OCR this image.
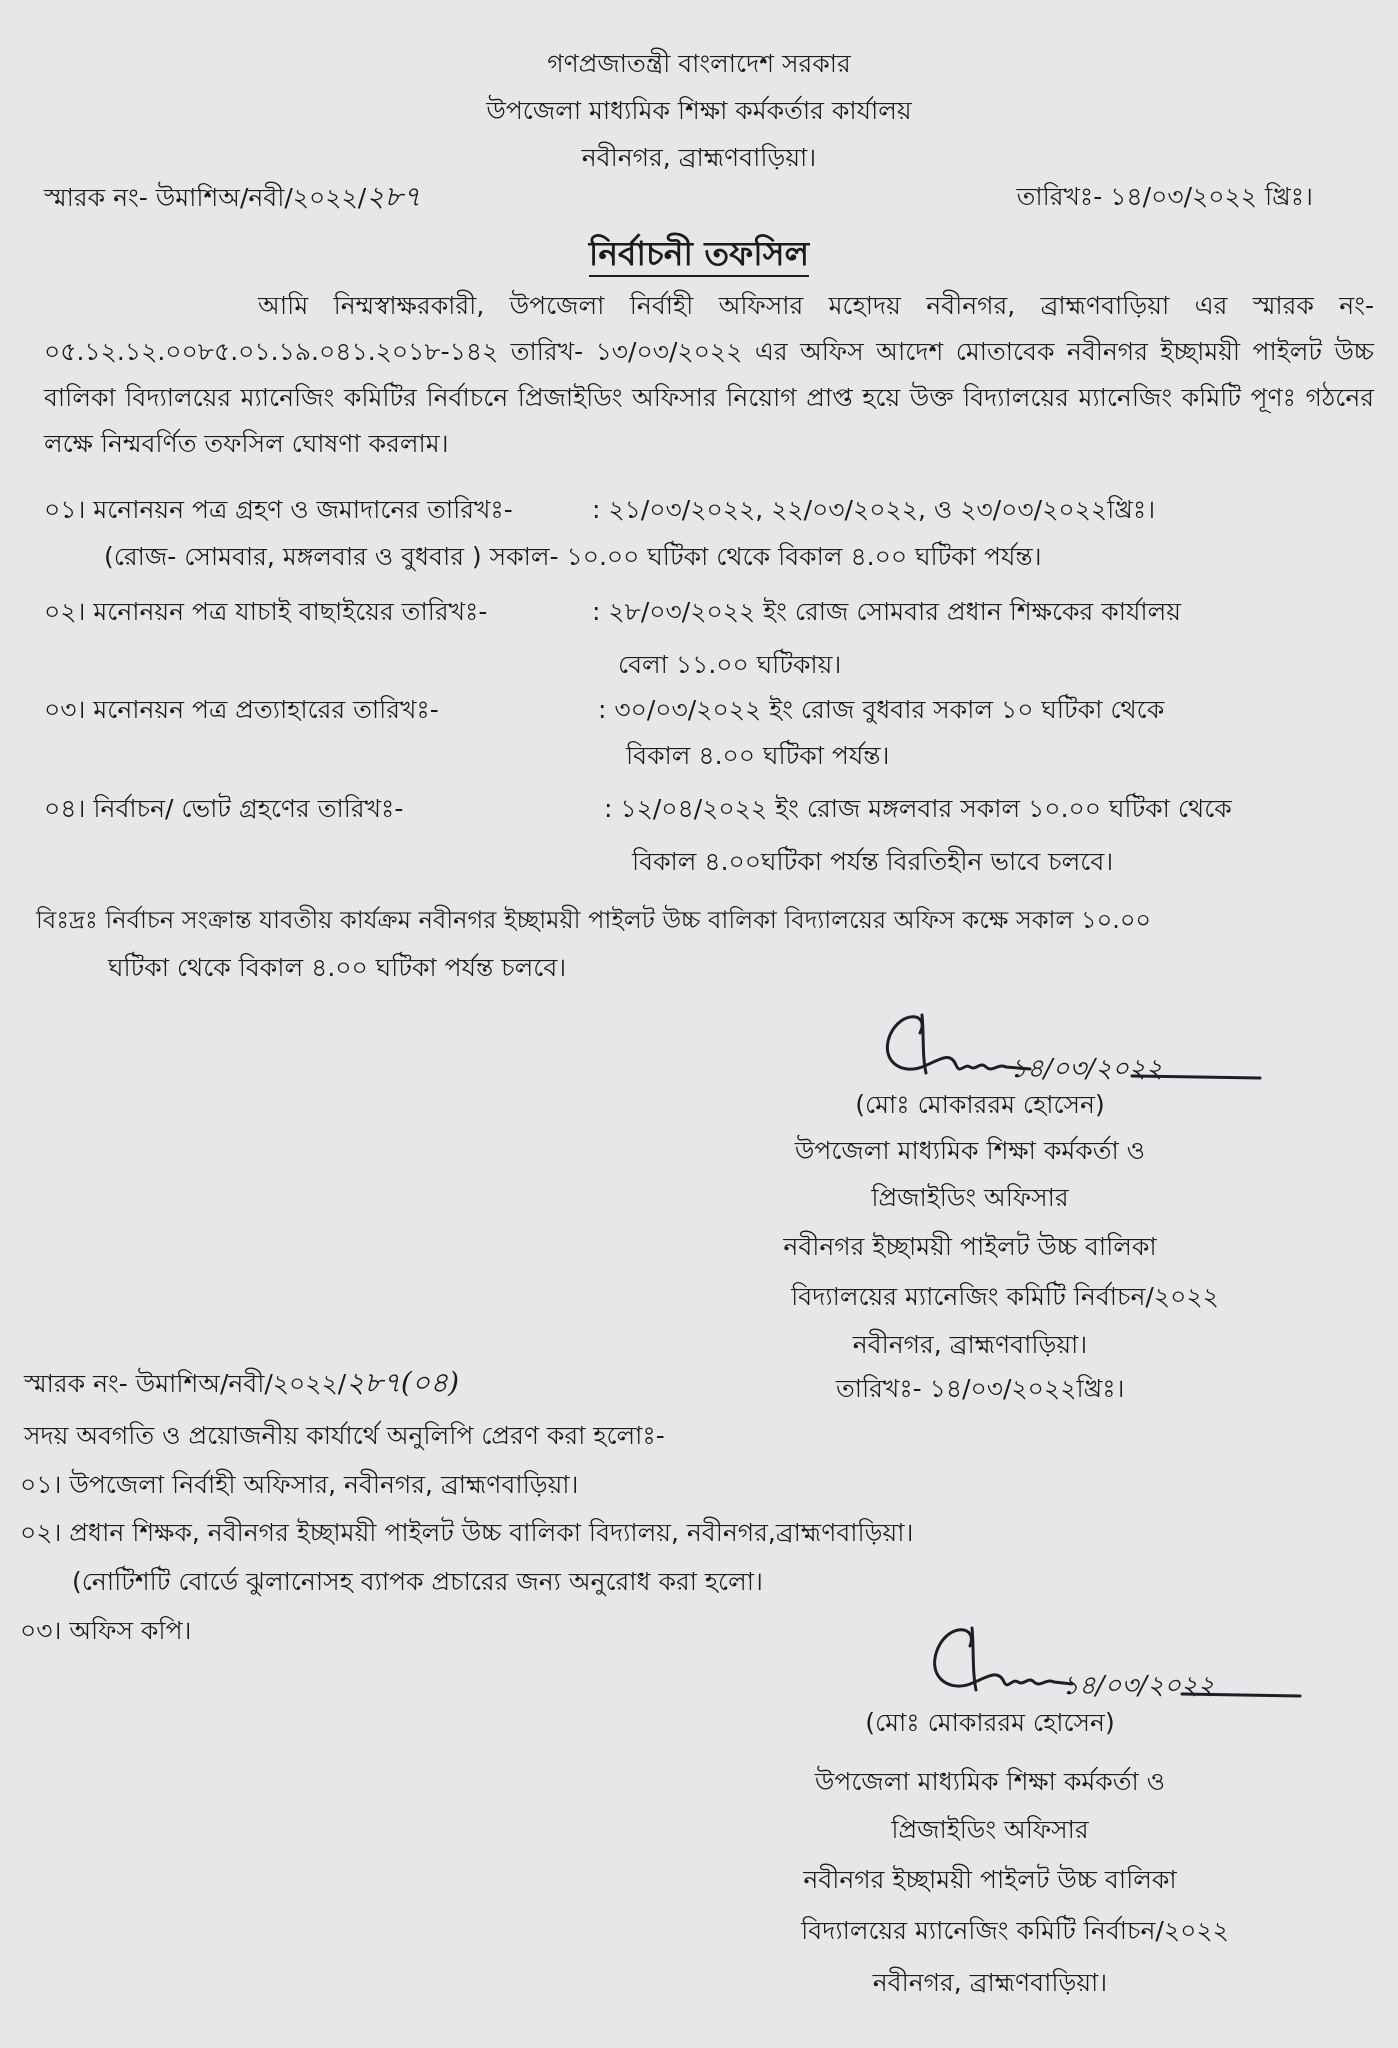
গণপ্রজাতন্ত্রী বাংলাদেশ সরকার
উপজেলা মাধ্যমিক শিক্ষা কর্মকর্তার কার্যালয়
নবীনগর, ব্রাহ্মণবাড়িয়া।
স্মারক নং- উমাশিঅ/নবী/২০২২/২৮৭	তারিখঃ- ১৪/০৩/২০২২ খ্রিঃ।
নির্বাচনী তফসিল
আমি নিম্মস্বাক্ষরকারী, উপজেলা নির্বাহী অফিসার মহোদয় নবীনগর, ব্রাহ্মণবাড়িয়া এর স্মারক নং- ০৫.১২.১২.০০৮৫.০১.১৯.০৪১.২০১৮-১৪২ তারিখ- ১৩/০৩/২০২২ এর অফিস আদেশ মোতাবেক নবীনগর ইচ্ছাময়ী পাইলট উচ্চ বালিকা বিদ্যালয়ের ম্যানেজিং কমিটির নির্বাচনে প্রিজাইডিং অফিসার নিয়োগ প্রাপ্ত হয়ে উক্ত বিদ্যালয়ের ম্যানেজিং কমিটি পূণঃ গঠনের লক্ষে নিম্মবর্ণিত তফসিল ঘোষণা করলাম।
০১। মনোনয়ন পত্র গ্রহণ ও জমাদানের তারিখঃ-	: ২১/০৩/২০২২, ২২/০৩/২০২২, ও ২৩/০৩/২০২২খ্রিঃ।
(রোজ- সোমবার, মঙ্গলবার ও বুধবার ) সকাল- ১০.০০ ঘটিকা থেকে বিকাল ৪.০০ ঘটিকা পর্যন্ত।
০২। মনোনয়ন পত্র যাচাই বাছাইয়ের তারিখঃ-	: ২৮/০৩/২০২২ ইং রোজ সোমবার প্রধান শিক্ষকের কার্যালয়
বেলা ১১.০০ ঘটিকায়।
০৩। মনোনয়ন পত্র প্রত্যাহারের তারিখঃ-	: ৩০/০৩/২০২২ ইং রোজ বুধবার সকাল ১০ ঘটিকা থেকে
বিকাল ৪.০০ ঘটিকা পর্যন্ত।
০৪। নির্বাচন/ ভোট গ্রহণের তারিখঃ-	: ১২/০৪/২০২২ ইং রোজ মঙ্গলবার সকাল ১০.০০ ঘটিকা থেকে
বিকাল ৪.০০ঘটিকা পর্যন্ত বিরতিহীন ভাবে চলবে।
বিঃদ্রঃ নির্বাচন সংক্রান্ত যাবতীয় কার্যক্রম নবীনগর ইচ্ছাময়ী পাইলট উচ্চ বালিকা বিদ্যালয়ের অফিস কক্ষে সকাল ১০.০০
ঘটিকা থেকে বিকাল ৪.০০ ঘটিকা পর্যন্ত চলবে।
১৪/০৩/২০২২
(মোঃ মোকাররম হোসেন)
উপজেলা মাধ্যমিক শিক্ষা কর্মকর্তা ও
প্রিজাইডিং অফিসার
নবীনগর ইচ্ছাময়ী পাইলট উচ্চ বালিকা
বিদ্যালয়ের ম্যানেজিং কমিটি নির্বাচন/২০২২
নবীনগর, ব্রাহ্মণবাড়িয়া।
স্মারক নং- উমাশিঅ/নবী/২০২২/২৮৭(০৪)	তারিখঃ- ১৪/০৩/২০২২খ্রিঃ।
সদয় অবগতি ও প্রয়োজনীয় কার্যার্থে অনুলিপি প্রেরণ করা হলোঃ-
০১। উপজেলা নির্বাহী অফিসার, নবীনগর, ব্রাহ্মণবাড়িয়া।
০২। প্রধান শিক্ষক, নবীনগর ইচ্ছাময়ী পাইলট উচ্চ বালিকা বিদ্যালয়, নবীনগর,ব্রাহ্মণবাড়িয়া।
(নোটিশটি বোর্ডে ঝুলানোসহ ব্যাপক প্রচারের জন্য অনুরোধ করা হলো।
০৩। অফিস কপি।
১৪/০৩/২০২২
(মোঃ মোকাররম হোসেন)
উপজেলা মাধ্যমিক শিক্ষা কর্মকর্তা ও
প্রিজাইডিং অফিসার
নবীনগর ইচ্ছাময়ী পাইলট উচ্চ বালিকা
বিদ্যালয়ের ম্যানেজিং কমিটি নির্বাচন/২০২২
নবীনগর, ব্রাহ্মণবাড়িয়া।
